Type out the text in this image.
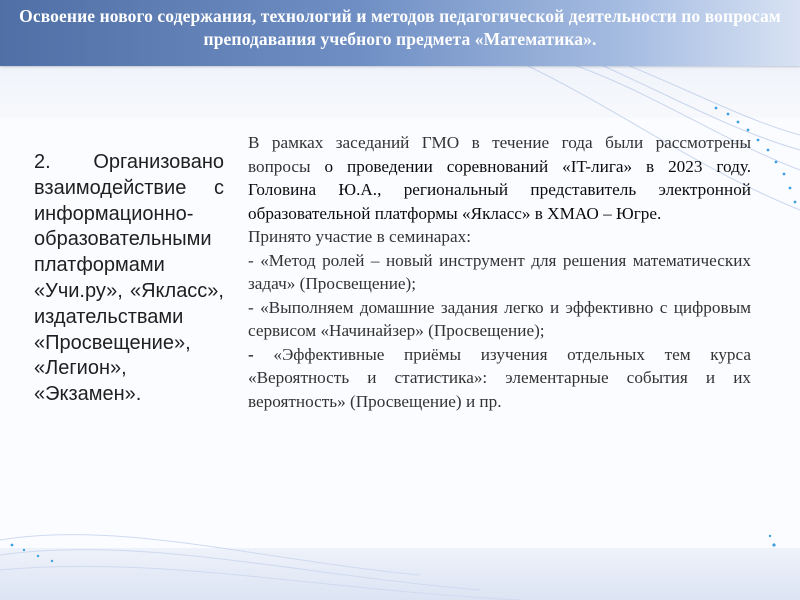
Освоение нового содержания, технологий и методов педагогической деятельности по вопросам преподавания учебного предмета «Математика».
2. Организовано взаимодействие с информационно-образовательными платформами «Учи.ру», «Якласс», издательствами «Просвещение», «Легион», «Экзамен».

В рамках заседаний ГМО в течение года были рассмотрены вопросы о проведении соревнований «IT-лига» в 2023 году. Головина Ю.А., региональный представитель электронной образовательной платформы «Якласс» в ХМАО – Югре.

Принято участие в семинарах:

- «Метод ролей – новый инструмент для решения математических задач» (Просвещение);

- «Выполняем домашние задания легко и эффективно с цифровым сервисом «Начинайзер» (Просвещение);

- «Эффективные приёмы изучения отдельных тем курса «Вероятность и статистика»: элементарные события и их вероятность» (Просвещение) и пр.
